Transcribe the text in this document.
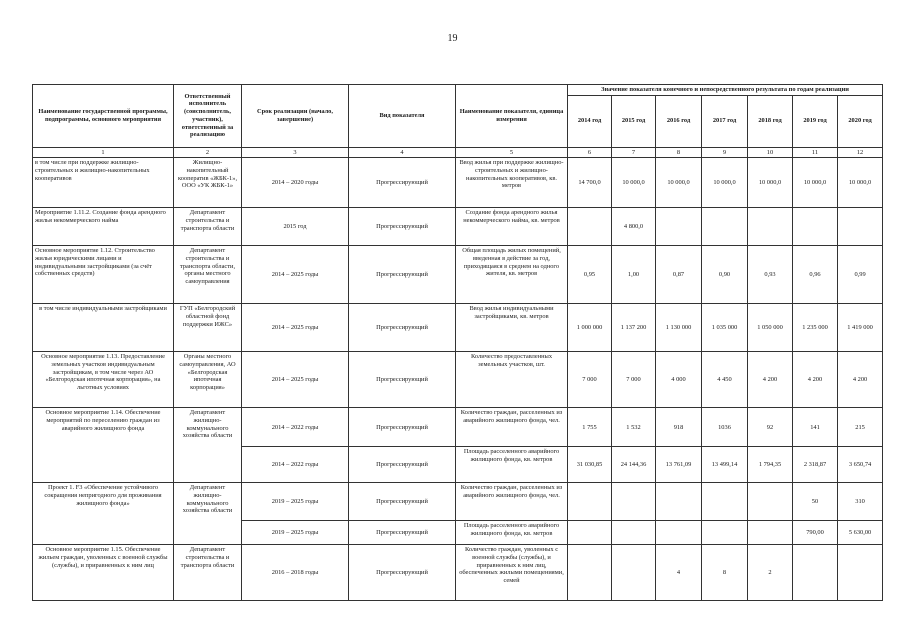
19
Наименование государственной программы, подпрограммы, основного мероприятия	Ответственный исполнитель (соисполнитель, участник), ответственный за реализацию	Срок реализации (начало, завершение)	Вид показателя	Наименование показателя, единица измерения	Значение показателя конечного и непосредственного результата по годам реализации						
					2014 год	2015 год	2016 год	2017 год	2018 год	2019 год	2020 год
1	2	3	4	5	6	7	8	9	10	11	12
в том числе при поддержке жилищно-строительных и жилищно-накопительных кооперативов	Жилищно-накопительный кооператив «ЖБК-1», ООО «УК ЖБК-1»	2014 – 2020 годы	Прогрессирующий	Ввод жилья при поддержке жилищно-строительных и жилищно-накопительных кооперативов, кв. метров	14 700,0	10 000,0	10 000,0	10 000,0	10 000,0	10 000,0	10 000,0
Мероприятие 1.11.2. Создание фонда арендного жилья некоммерческого найма	Департамент строительства и транспорта области	2015 год	Прогрессирующий	Создание фонда арендного жилья некоммерческого найма, кв. метров		4 800,0					
Основное мероприятие 1.12. Строительство жилья юридическими лицами и индивидуальными застройщиками (за счёт собственных средств)	Департамент строительства и транспорта области, органы местного самоуправления	2014 – 2025 годы	Прогрессирующий	Общая площадь жилых помещений, введенная в действие за год, приходящаяся в среднем на одного жителя, кв. метров	0,95	1,00	0,87	0,90	0,93	0,96	0,99
в том числе индивидуальными застройщиками	ГУП «Белгородский областной фонд поддержки ИЖС»	2014 – 2025 годы	Прогрессирующий	Ввод жилья индивидуальными застройщиками, кв. метров	1 000 000	1 137 200	1 130 000	1 035 000	1 050 000	1 235 000	1 419 000
Основное мероприятие 1.13. Предоставление земельных участков индивидуальным застройщикам, в том числе через АО «Белгородская ипотечная корпорация», на льготных условиях	Органы местного самоуправления, АО «Белгородская ипотечная корпорация»	2014 – 2025 годы	Прогрессирующий	Количество предоставленных земельных участков, шт.	7 000	7 000	4 000	4 450	4 200	4 200	4 200
Основное мероприятие 1.14. Обеспечение мероприятий по переселению граждан из аварийного жилищного фонда	Департамент жилищно-коммунального хозяйства области	2014 – 2022 годы	Прогрессирующий	Количество граждан, расселенных из аварийного жилищного фонда, чел.	1 755	1 532	918	1036	92	141	215
		2014 – 2022 годы	Прогрессирующий	Площадь расселенного аварийного жилищного фонда, кв. метров	31 030,85	24 144,36	13 761,09	13 499,14	1 794,35	2 318,87	3 650,74
Проект 1. F3 «Обеспечение устойчивого сокращения непригодного для проживания жилищного фонда»	Департамент жилищно-коммунального хозяйства области	2019 – 2025 годы	Прогрессирующий	Количество граждан, расселенных из аварийного жилищного фонда, чел.						50	310
		2019 – 2025 годы	Прогрессирующий	Площадь расселенного аварийного жилищного фонда, кв. метров						790,00	5 630,00
Основное мероприятие 1.15. Обеспечение жильем граждан, уволенных с военной службы (службы), и приравненных к ним лиц	Департамент строительства и транспорта области	2016 – 2018 годы	Прогрессирующий	Количество граждан, уволенных с военной службы (службы), и приравненных к ним лиц, обеспеченных жилыми помещениями, семей			4	8	2		
